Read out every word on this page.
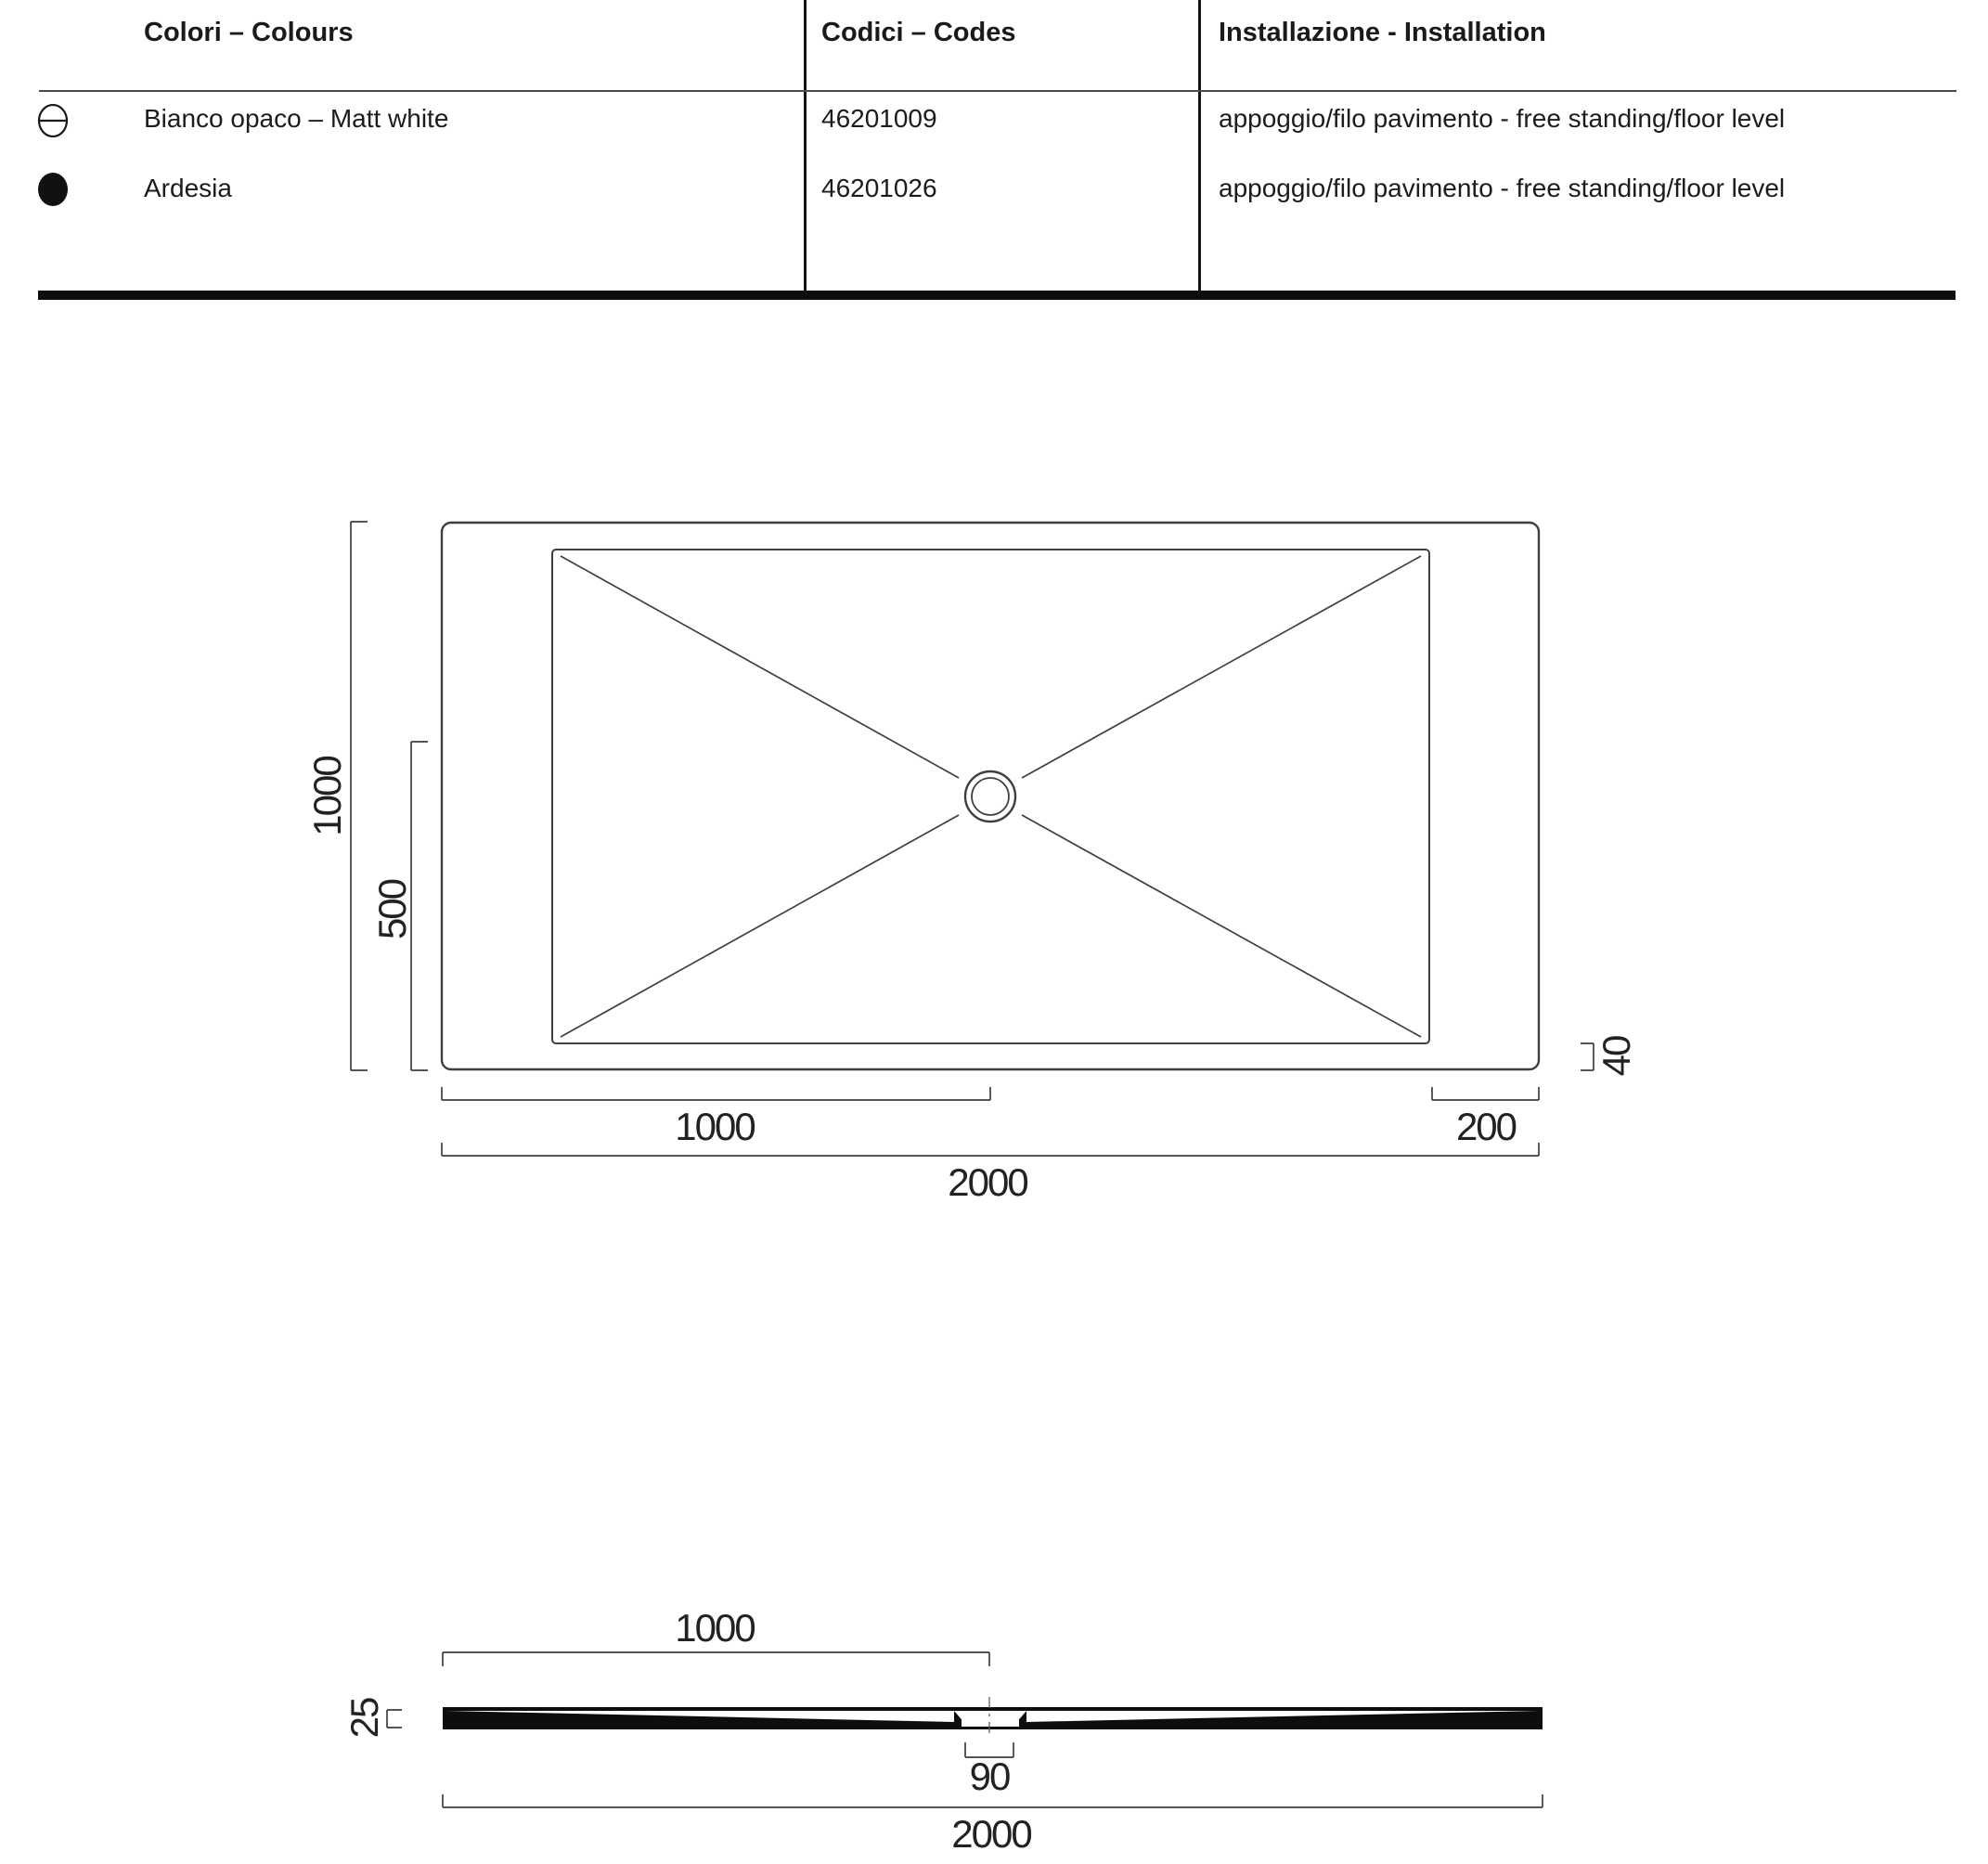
Colori – Colours	Codici – Codes	Installazione - Installation
Bianco opaco – Matt white	46201009	appoggio/filo pavimento - free standing/floor level
Ardesia	46201026	appoggio/filo pavimento - free standing/floor level
1000
500
1000	200
2000
40
1000
25
90
2000
